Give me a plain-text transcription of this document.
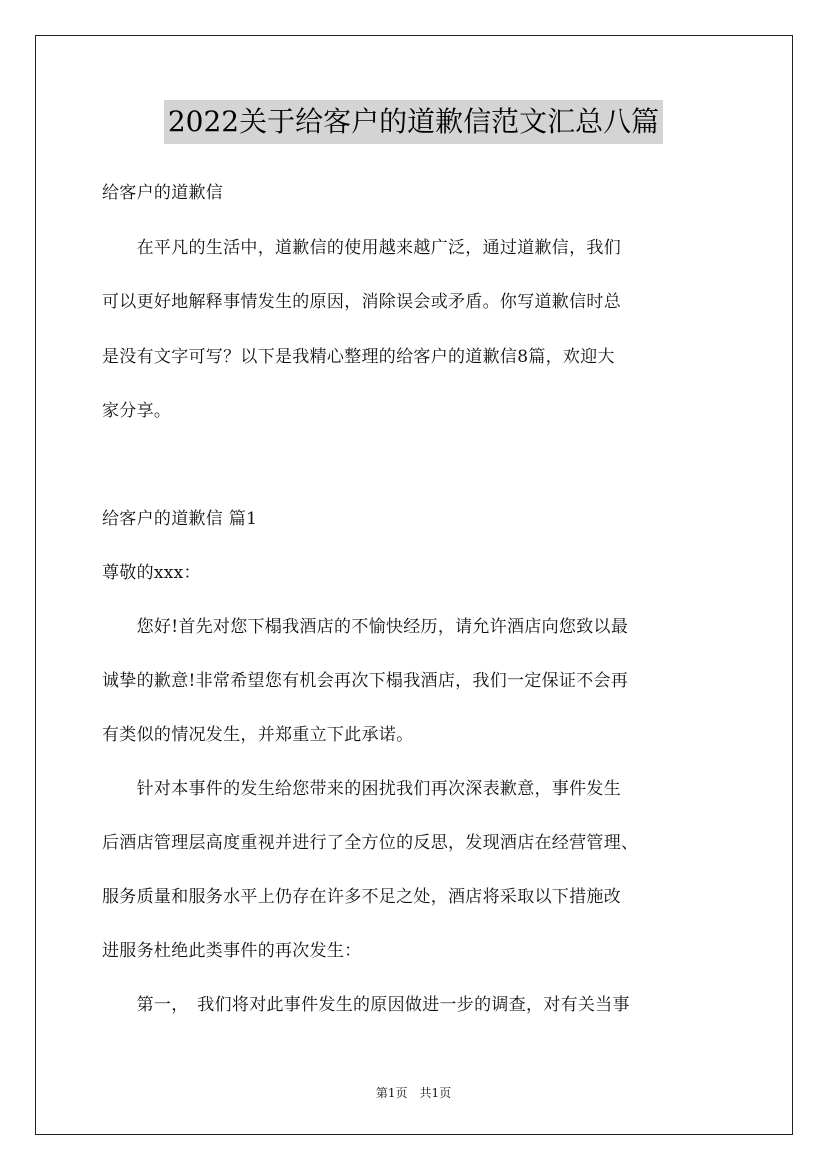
2022关于给客户的道歉信范文汇总八篇
给客户的道歉信
　　在平凡的生活中，道歉信的使用越来越广泛，通过道歉信，我们
可以更好地解释事情发生的原因，消除误会或矛盾。你写道歉信时总
是没有文字可写？以下是我精心整理的给客户的道歉信8篇，欢迎大
家分享。
给客户的道歉信 篇1
尊敬的xxx：
　　您好!首先对您下榻我酒店的不愉快经历，请允许酒店向您致以最
诚挚的歉意!非常希望您有机会再次下榻我酒店，我们一定保证不会再
有类似的情况发生，并郑重立下此承诺。
　　针对本事件的发生给您带来的困扰我们再次深表歉意，事件发生
后酒店管理层高度重视并进行了全方位的反思，发现酒店在经营管理、
服务质量和服务水平上仍存在许多不足之处，酒店将采取以下措施改
进服务杜绝此类事件的再次发生：
　　第一，　我们将对此事件发生的原因做进一步的调查，对有关当事
第1页　共1页
